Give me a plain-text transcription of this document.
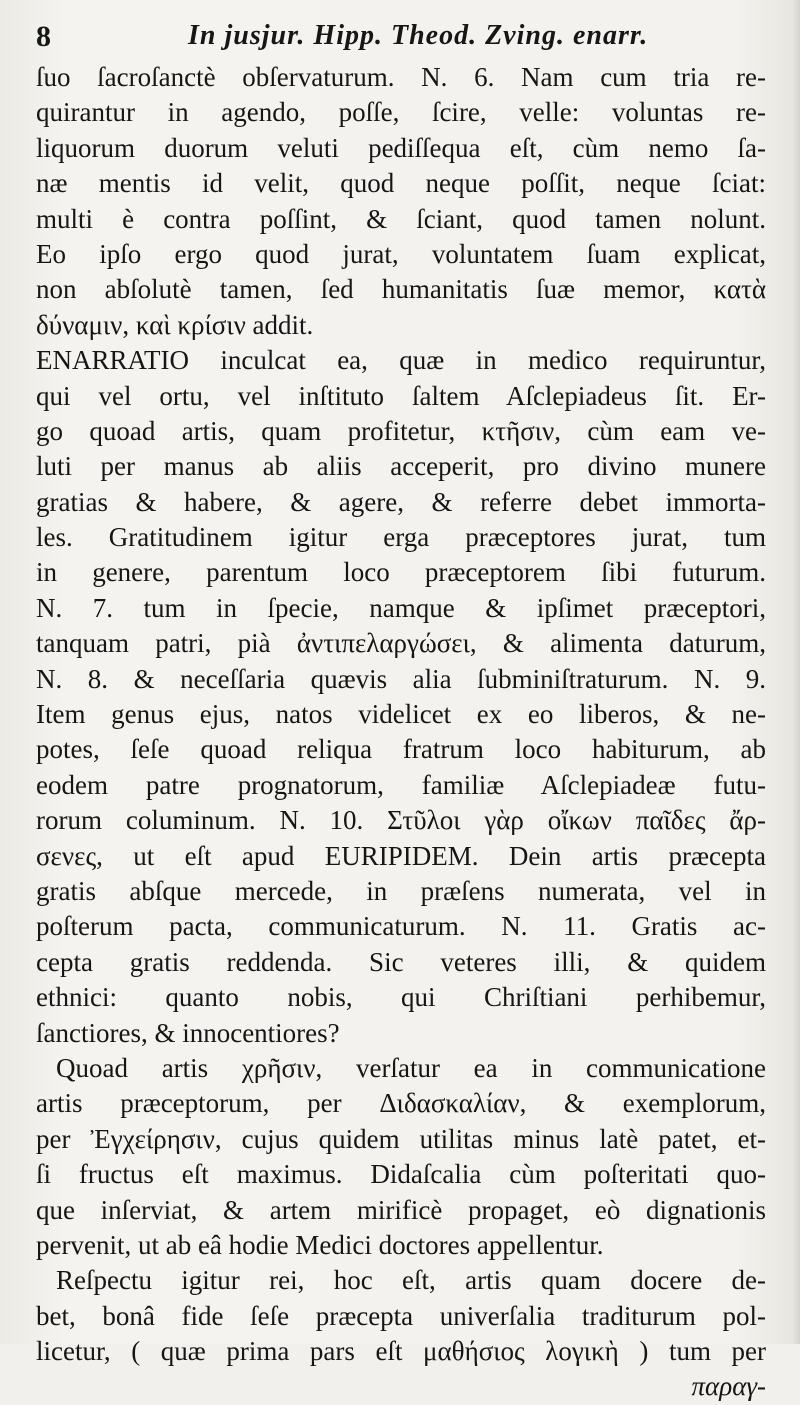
8	In jusjur. Hipp. Theod. Zving. enarr.
ſuo ſacroſanctè obſervaturum. N. 6. Nam cum tria re-
quirantur in agendo, poſſe, ſcire, velle: voluntas re-
liquorum duorum veluti pediſſequa eſt, cùm nemo ſa-
næ mentis id velit, quod neque poſſit, neque ſciat:
multi è contra poſſint, & ſciant, quod tamen nolunt.
Eo ipſo ergo quod jurat, voluntatem ſuam explicat,
non abſolutè tamen, ſed humanitatis ſuæ memor, κατὰ
δύναμιν, καὶ κρίσιν addit.
ENARRATIO inculcat ea, quæ in medico requiruntur,
qui vel ortu, vel inſtituto ſaltem Aſclepiadeus ſit. Er-
go quoad artis, quam profitetur, κτῆσιν, cùm eam ve-
luti per manus ab aliis acceperit, pro divino munere
gratias & habere, & agere, & referre debet immorta-
les. Gratitudinem igitur erga præceptores jurat, tum
in genere, parentum loco præceptorem ſibi futurum.
N. 7. tum in ſpecie, namque & ipſimet præceptori,
tanquam patri, pià ἀντιπελαργώσει, & alimenta daturum,
N. 8. & neceſſaria quævis alia ſubminiſtraturum. N. 9.
Item genus ejus, natos videlicet ex eo liberos, & ne-
potes, ſeſe quoad reliqua fratrum loco habiturum, ab
eodem patre prognatorum, familiæ Aſclepiadeæ futu-
rorum columinum. N. 10. Στῦλοι γὰρ οἴκων παῖδες ἄρ-
σενες, ut eſt apud EURIPIDEM. Dein artis præcepta
gratis abſque mercede, in præſens numerata, vel in
poſterum pacta, communicaturum. N. 11. Gratis ac-
cepta gratis reddenda. Sic veteres illi, & quidem
ethnici: quanto nobis, qui Chriſtiani perhibemur,
ſanctiores, & innocentiores?
Quoad artis χρῆσιν, verſatur ea in communicatione
artis præceptorum, per Διδασκαλίαν, & exemplorum,
per Ἐγχείρησιν, cujus quidem utilitas minus latè patet, et-
ſi fructus eſt maximus. Didaſcalia cùm poſteritati quo-
que inſerviat, & artem mirificè propaget, eò dignationis
pervenit, ut ab eâ hodie Medici doctores appellentur.
Reſpectu igitur rei, hoc eſt, artis quam docere de-
bet, bonâ fide ſeſe præcepta univerſalia traditurum pol-
licetur, ( quæ prima pars eſt μαθήσιος λογικὴ ) tum per
παραγ-
